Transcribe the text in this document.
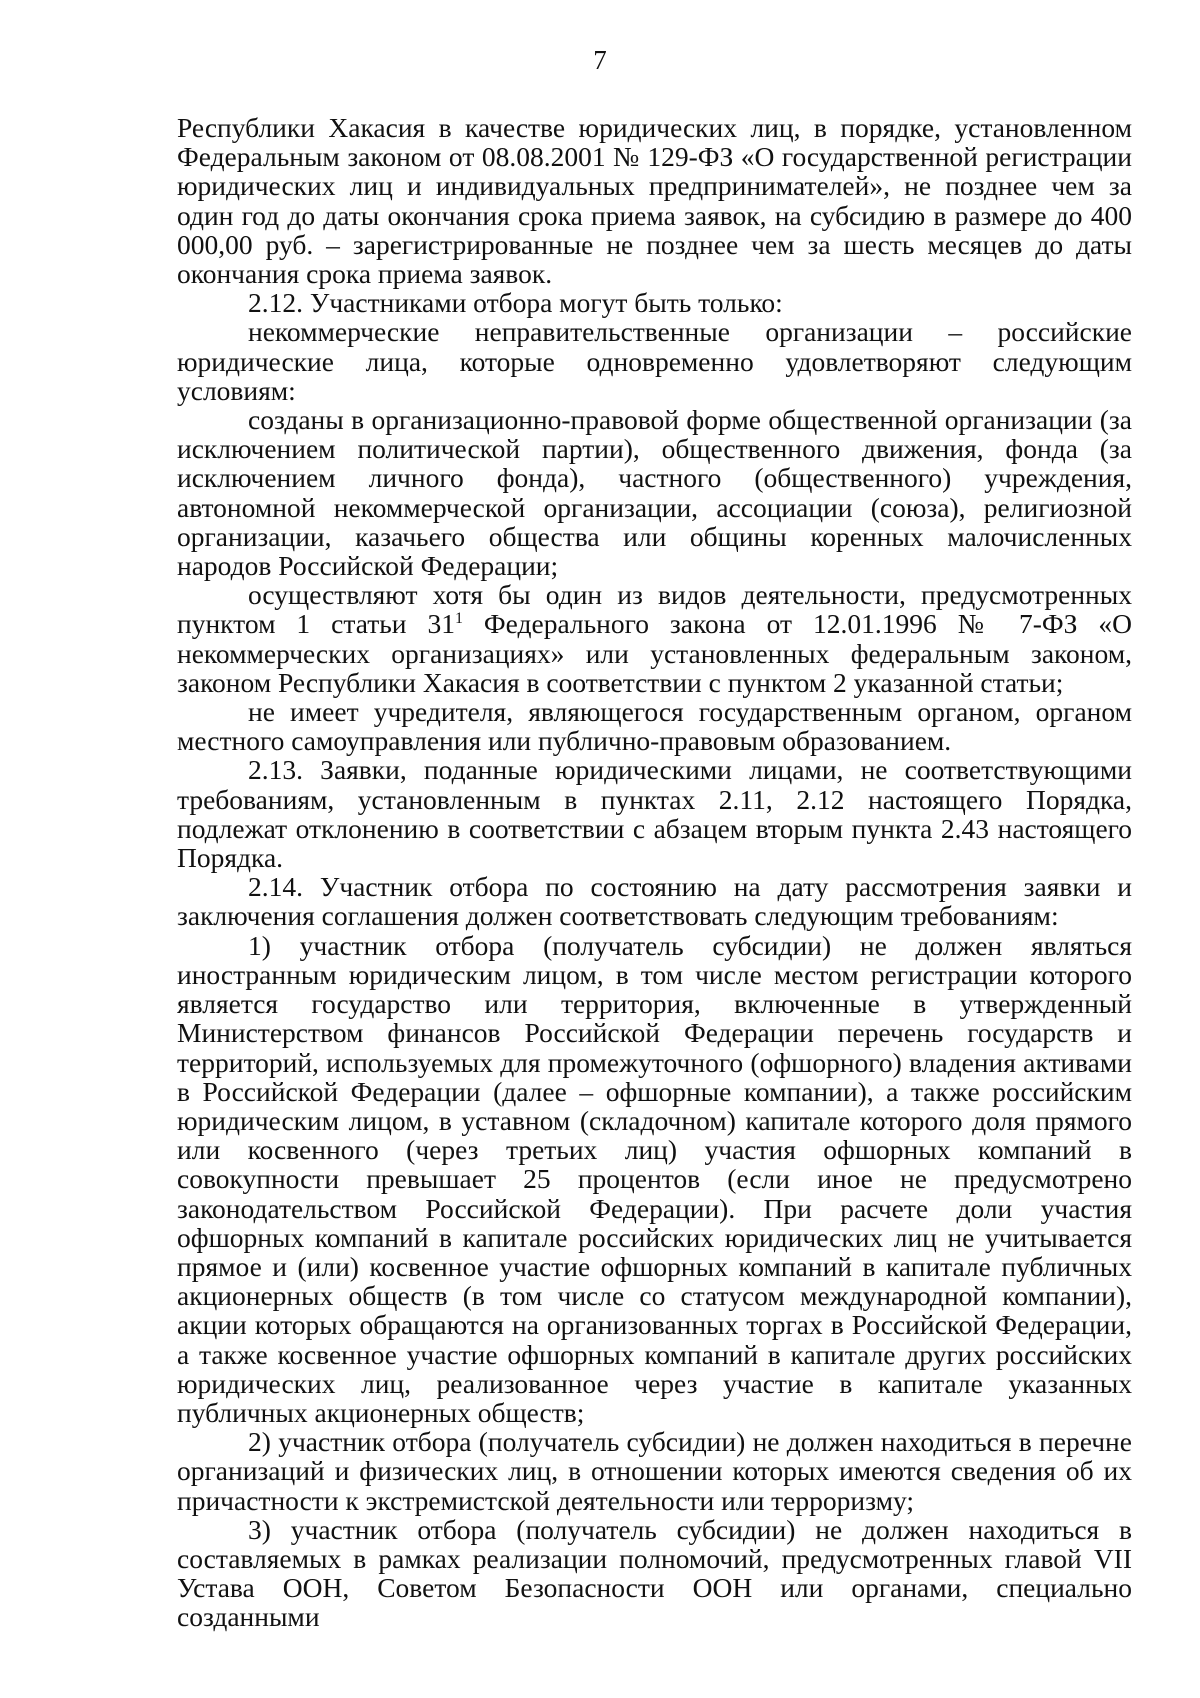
7

Республики Хакасия в качестве юридических лиц, в порядке, установленном Федеральным законом от 08.08.2001 № 129-ФЗ «О государственной регистрации юридических лиц и индивидуальных предпринимателей», не позднее чем за один год до даты окончания срока приема заявок, на субсидию в размере до 400 000,00 руб. – зарегистрированные не позднее чем за шесть месяцев до даты окончания срока приема заявок.

2.12. Участниками отбора могут быть только:

некоммерческие неправительственные организации – российские юридические лица, которые одновременно удовлетворяют следующим условиям:

созданы в организационно-правовой форме общественной организации (за исключением политической партии), общественного движения, фонда (за исключением личного фонда), частного (общественного) учреждения, автономной некоммерческой организации, ассоциации (союза), религиозной организации, казачьего общества или общины коренных малочисленных народов Российской Федерации;

осуществляют хотя бы один из видов деятельности, предусмотренных пунктом 1 статьи $31^1$ Федерального закона от 12.01.1996 № 7-ФЗ «О некоммерческих организациях» или установленных федеральным законом, законом Республики Хакасия в соответствии с пунктом 2 указанной статьи;

не имеет учредителя, являющегося государственным органом, органом местного самоуправления или публично-правовым образованием.

2.13. Заявки, поданные юридическими лицами, не соответствующими требованиям, установленным в пунктах 2.11, 2.12 настоящего Порядка, подлежат отклонению в соответствии с абзацем вторым пункта 2.43 настоящего Порядка.

2.14. Участник отбора по состоянию на дату рассмотрения заявки и заключения соглашения должен соответствовать следующим требованиям:

1) участник отбора (получатель субсидии) не должен являться иностранным юридическим лицом, в том числе местом регистрации которого является государство или территория, включенные в утвержденный Министерством финансов Российской Федерации перечень государств и территорий, используемых для промежуточного (офшорного) владения активами в Российской Федерации (далее – офшорные компании), а также российским юридическим лицом, в уставном (складочном) капитале которого доля прямого или косвенного (через третьих лиц) участия офшорных компаний в совокупности превышает 25 процентов (если иное не предусмотрено законодательством Российской Федерации). При расчете доли участия офшорных компаний в капитале российских юридических лиц не учитывается прямое и (или) косвенное участие офшорных компаний в капитале публичных акционерных обществ (в том числе со статусом международной компании), акции которых обращаются на организованных торгах в Российской Федерации, а также косвенное участие офшорных компаний в капитале других российских юридических лиц, реализованное через участие в капитале указанных публичных акционерных обществ;

2) участник отбора (получатель субсидии) не должен находиться в перечне организаций и физических лиц, в отношении которых имеются сведения об их причастности к экстремистской деятельности или терроризму;

3) участник отбора (получатель субсидии) не должен находиться в составляемых в рамках реализации полномочий, предусмотренных главой VII Устава ООН, Советом Безопасности ООН или органами, специально созданными
